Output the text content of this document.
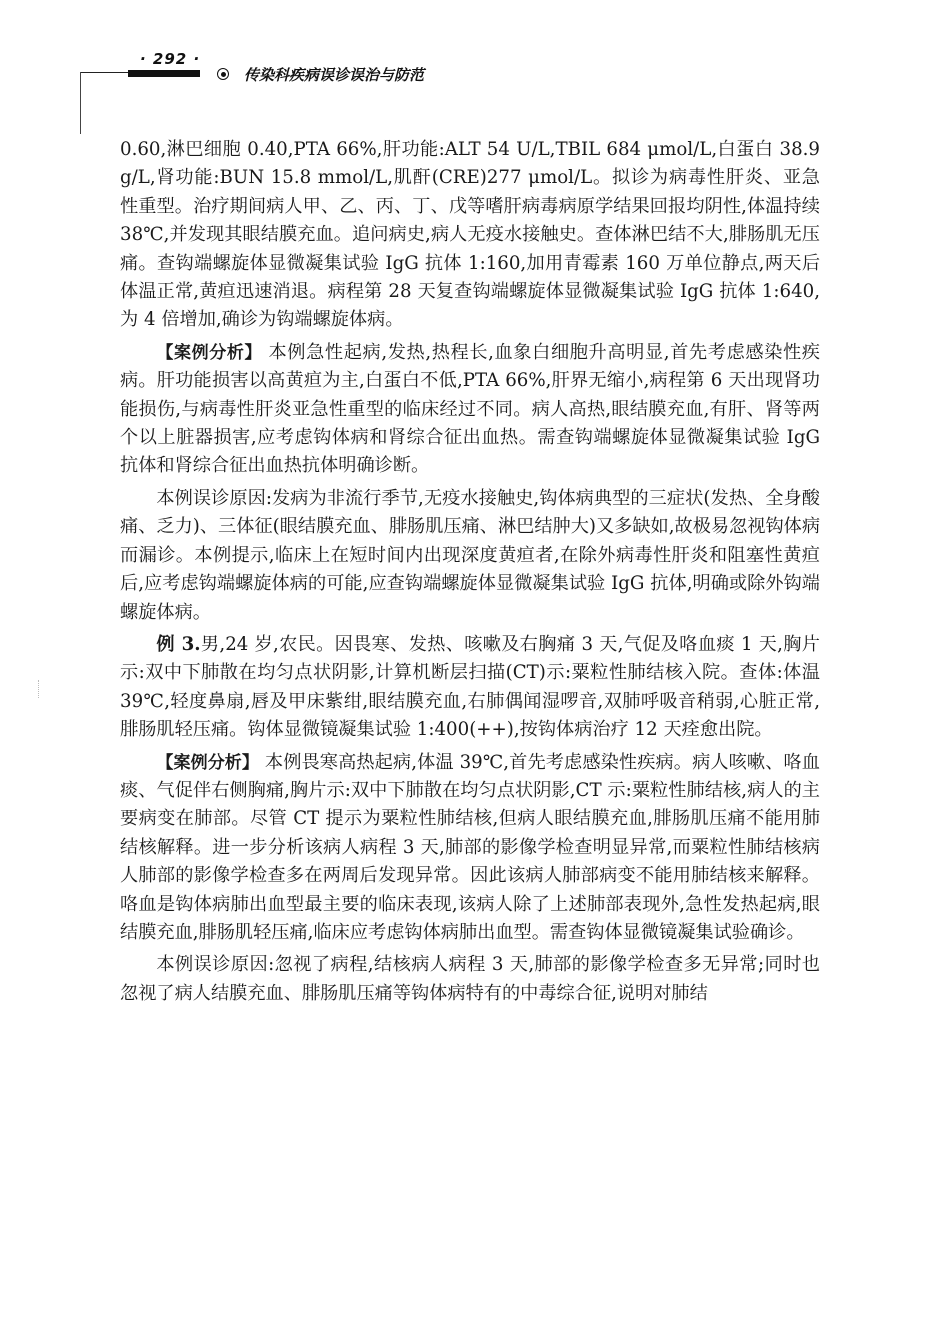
· 292 ·
传染科疾病误诊误治与防范

0.60,淋巴细胞 0.40,PTA 66%,肝功能:ALT 54 U/L,TBIL 684 μmol/L,白蛋白 38.9 g/L,肾功能:BUN 15.8 mmol/L,肌酐(CRE)277 μmol/L。拟诊为病毒性肝炎、亚急性重型。治疗期间病人甲、乙、丙、丁、戊等嗜肝病毒病原学结果回报均阴性,体温持续 38℃,并发现其眼结膜充血。追问病史,病人无疫水接触史。查体淋巴结不大,腓肠肌无压痛。查钩端螺旋体显微凝集试验 IgG 抗体 1:160,加用青霉素 160 万单位静点,两天后体温正常,黄疸迅速消退。病程第 28 天复查钩端螺旋体显微凝集试验 IgG 抗体 1:640,为 4 倍增加,确诊为钩端螺旋体病。

【案例分析】 本例急性起病,发热,热程长,血象白细胞升高明显,首先考虑感染性疾病。肝功能损害以高黄疸为主,白蛋白不低,PTA 66%,肝界无缩小,病程第 6 天出现肾功能损伤,与病毒性肝炎亚急性重型的临床经过不同。病人高热,眼结膜充血,有肝、肾等两个以上脏器损害,应考虑钩体病和肾综合征出血热。需查钩端螺旋体显微凝集试验 IgG 抗体和肾综合征出血热抗体明确诊断。

本例误诊原因:发病为非流行季节,无疫水接触史,钩体病典型的三症状(发热、全身酸痛、乏力)、三体征(眼结膜充血、腓肠肌压痛、淋巴结肿大)又多缺如,故极易忽视钩体病而漏诊。本例提示,临床上在短时间内出现深度黄疸者,在除外病毒性肝炎和阻塞性黄疸后,应考虑钩端螺旋体病的可能,应查钩端螺旋体显微凝集试验 IgG 抗体,明确或除外钩端螺旋体病。

例 3.男,24 岁,农民。因畏寒、发热、咳嗽及右胸痛 3 天,气促及咯血痰 1 天,胸片示:双中下肺散在均匀点状阴影,计算机断层扫描(CT)示:粟粒性肺结核入院。查体:体温 39℃,轻度鼻扇,唇及甲床紫绀,眼结膜充血,右肺偶闻湿啰音,双肺呼吸音稍弱,心脏正常,腓肠肌轻压痛。钩体显微镜凝集试验 1:400(++),按钩体病治疗 12 天痊愈出院。

【案例分析】 本例畏寒高热起病,体温 39℃,首先考虑感染性疾病。病人咳嗽、咯血痰、气促伴右侧胸痛,胸片示:双中下肺散在均匀点状阴影,CT 示:粟粒性肺结核,病人的主要病变在肺部。尽管 CT 提示为粟粒性肺结核,但病人眼结膜充血,腓肠肌压痛不能用肺结核解释。进一步分析该病人病程 3 天,肺部的影像学检查明显异常,而粟粒性肺结核病人肺部的影像学检查多在两周后发现异常。因此该病人肺部病变不能用肺结核来解释。咯血是钩体病肺出血型最主要的临床表现,该病人除了上述肺部表现外,急性发热起病,眼结膜充血,腓肠肌轻压痛,临床应考虑钩体病肺出血型。需查钩体显微镜凝集试验确诊。

本例误诊原因:忽视了病程,结核病人病程 3 天,肺部的影像学检查多无异常;同时也忽视了病人结膜充血、腓肠肌压痛等钩体病特有的中毒综合征,说明对肺结
